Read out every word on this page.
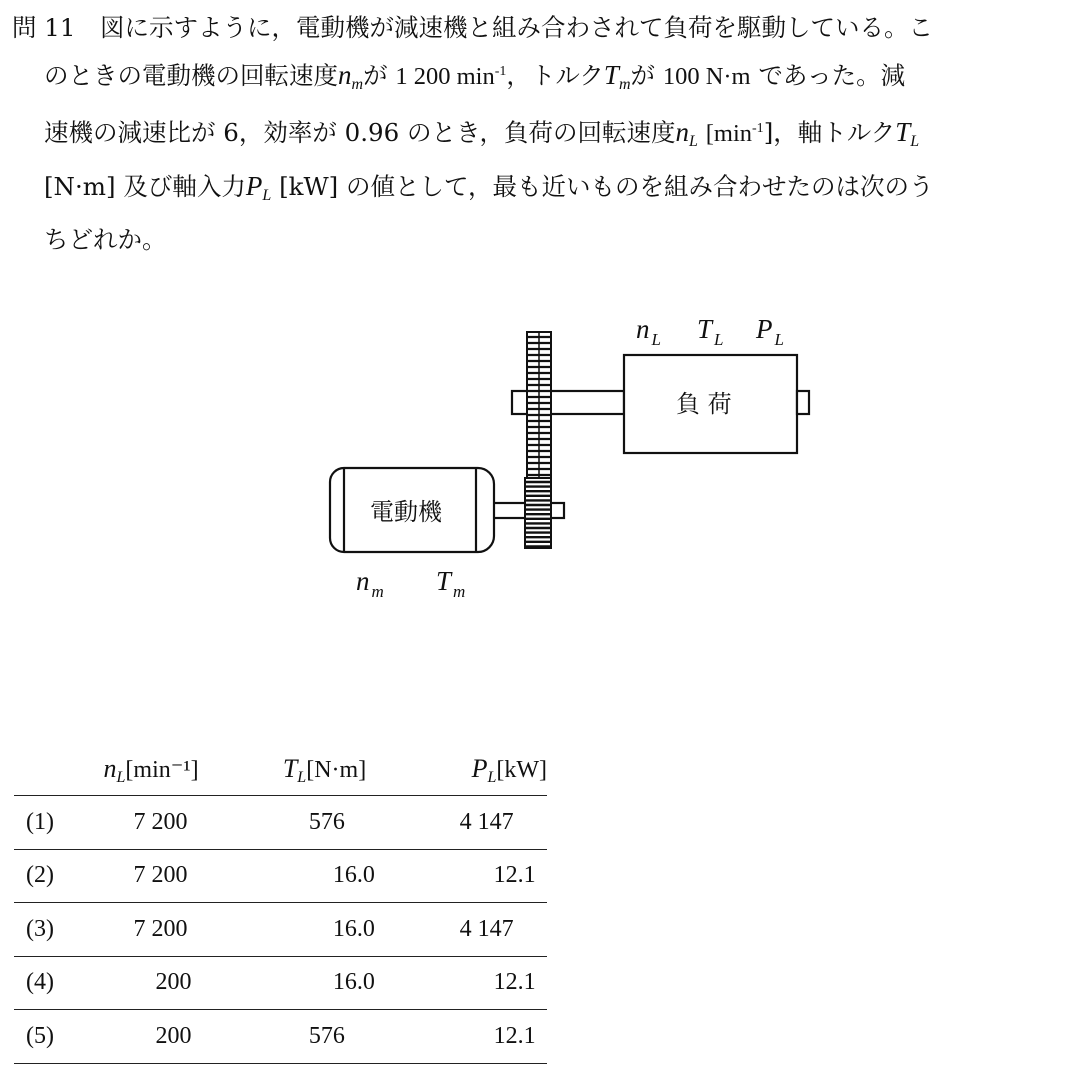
問 11 図に示すように，電動機が減速機と組み合わされて負荷を駆動している。こ
のときの電動機の回転速度$n_m$が 1 200 $\min^{-1}$，トルク$T_m$が 100 N·m であった。減
速機の減速比が 6，効率が 0.96 のとき，負荷の回転速度$n_L$ $[\min^{-1}]$，軸トルク$T_L$
[N·m] 及び軸入力$P_L$ [kW] の値として，最も近いものを組み合わせたのは次のう
ちどれか。
電動機
負 荷
n $_L$ T $_L$ P $_L$
n $_m$ T $_m$
	$n_L[\min^{-1}]$	$T_L[N\cdot m]$	$P_L[kW]$
(1)	7 200	576	4 147
(2)	7 200	16.0	12.1
(3)	7 200	16.0	4 147
(4)	200	16.0	12.1
(5)	200	576	12.1
